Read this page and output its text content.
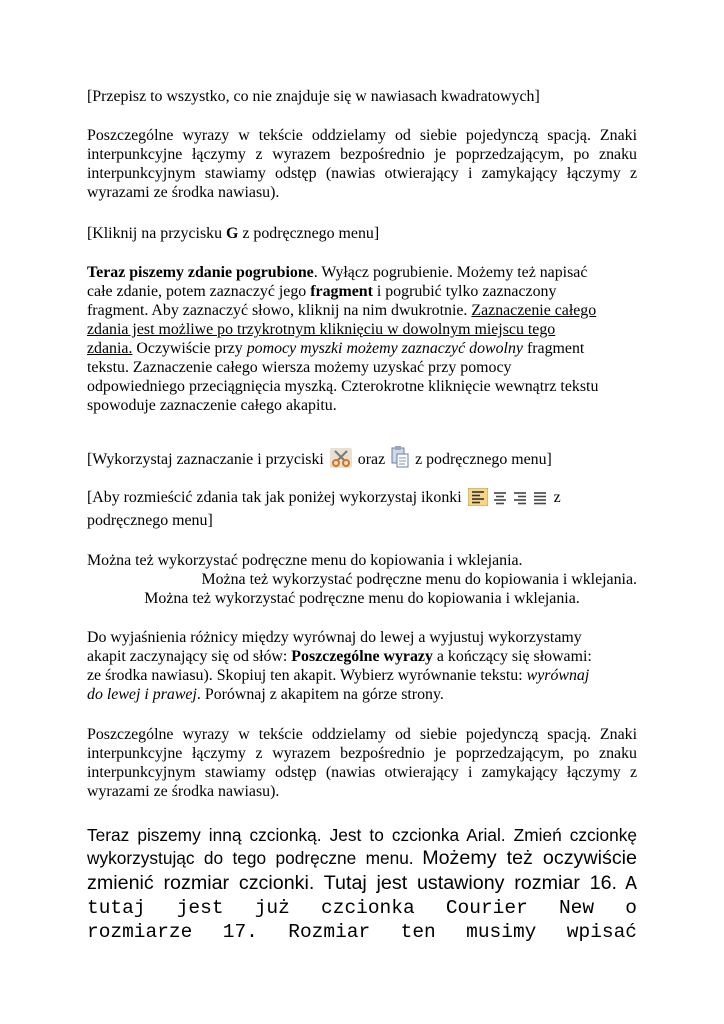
[Przepisz to wszystko, co nie znajduje się w nawiasach kwadratowych]
Poszczególne wyrazy w tekście oddzielamy od siebie pojedynczą spacją. Znaki
interpunkcyjne łączymy z wyrazem bezpośrednio je poprzedzającym, po znaku
interpunkcyjnym stawiamy odstęp (nawias otwierający i zamykający łączymy z
wyrazami ze środka nawiasu).
[Kliknij na przycisku G z podręcznego menu]
Teraz piszemy zdanie pogrubione. Wyłącz pogrubienie. Możemy też napisać
całe zdanie, potem zaznaczyć jego fragment i pogrubić tylko zaznaczony
fragment. Aby zaznaczyć słowo, kliknij na nim dwukrotnie. Zaznaczenie całego
zdania jest możliwe po trzykrotnym kliknięciu w dowolnym miejscu tego
zdania. Oczywiście przy pomocy myszki możemy zaznaczyć dowolny fragment
tekstu. Zaznaczenie całego wiersza możemy uzyskać przy pomocy
odpowiedniego przeciągnięcia myszką. Czterokrotne kliknięcie wewnątrz tekstu
spowoduje zaznaczenie całego akapitu.
[Wykorzystaj zaznaczanie i przyciski  oraz  z podręcznego menu]
[Aby rozmieścić zdania tak jak poniżej wykorzystaj ikonki	z
podręcznego menu]
Można też wykorzystać podręczne menu do kopiowania i wklejania.
Można też wykorzystać podręczne menu do kopiowania i wklejania.
Można też wykorzystać podręczne menu do kopiowania i wklejania.
Do wyjaśnienia różnicy między wyrównaj do lewej a wyjustuj wykorzystamy
akapit zaczynający się od słów: Poszczególne wyrazy a kończący się słowami:
ze środka nawiasu). Skopiuj ten akapit. Wybierz wyrównanie tekstu: wyrównaj
do lewej i prawej. Porównaj z akapitem na górze strony.
Poszczególne wyrazy w tekście oddzielamy od siebie pojedynczą spacją. Znaki
interpunkcyjne łączymy z wyrazem bezpośrednio je poprzedzającym, po znaku
interpunkcyjnym stawiamy odstęp (nawias otwierający i zamykający łączymy z
wyrazami ze środka nawiasu).
Teraz piszemy inną czcionką. Jest to czcionka Arial. Zmień czcionkę
wykorzystując do tego podręczne menu. Możemy też oczywiście
zmienić rozmiar czcionki. Tutaj jest ustawiony rozmiar 16. A
tutaj jest już czcionka Courier New o
rozmiarze 17. Rozmiar ten musimy wpisać
